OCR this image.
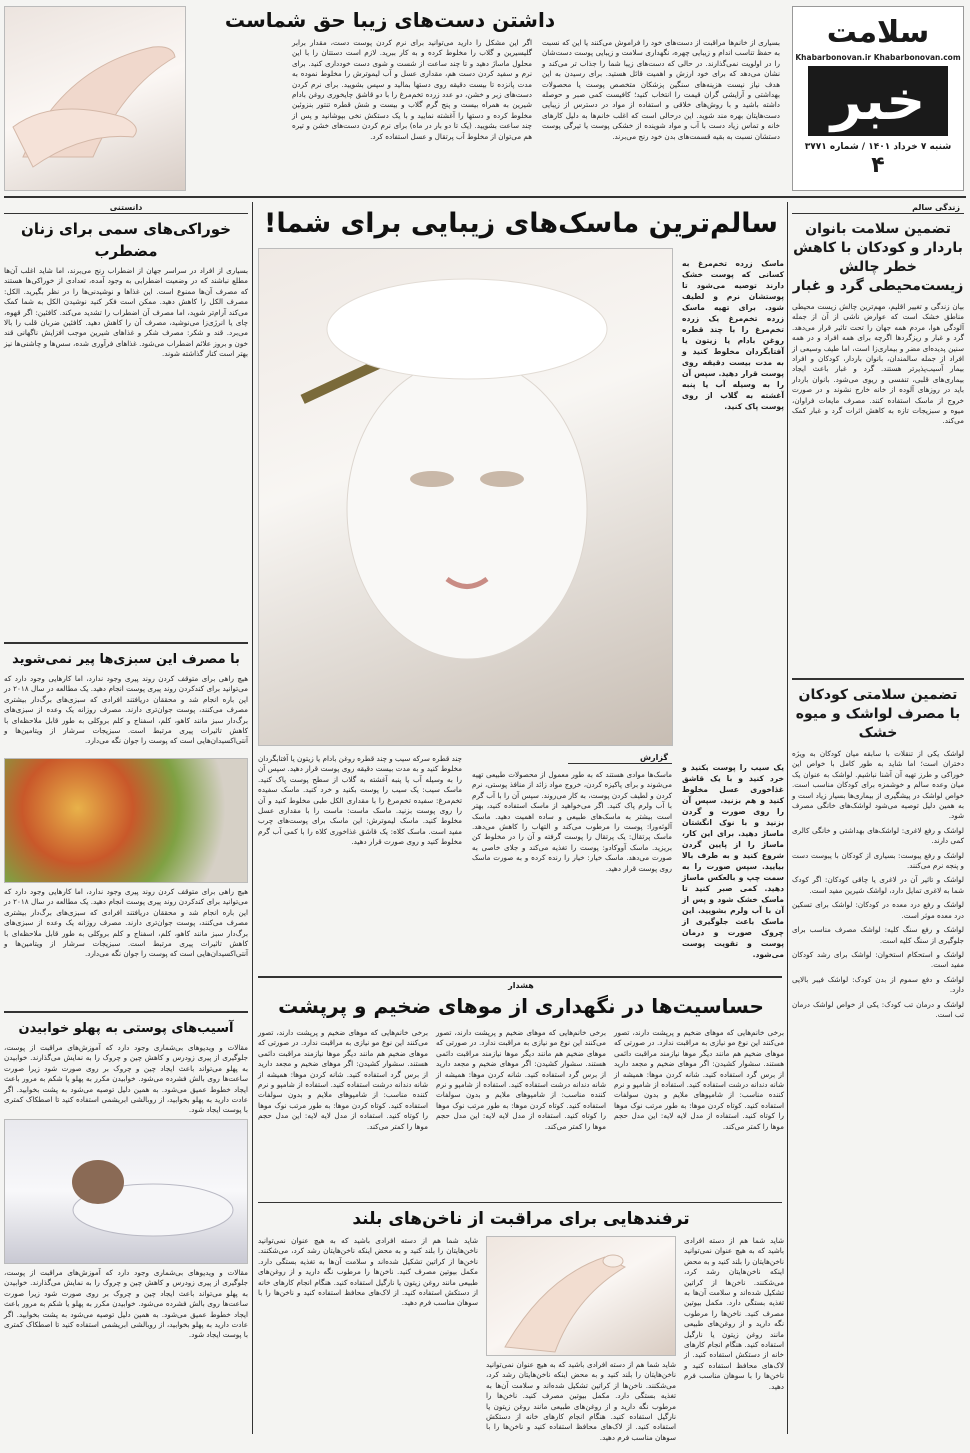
سلامت
Khabarbonovan.ir Khabarbonovan.com
خبر
شنبه ۷ خرداد ۱۴۰۱ / شماره ۳۷۷۱
۴
داشتن دست‌های زیبا حق شماست
بسیاری از خانم‌ها مراقبت از دست‌های خود را فراموش می‌کنند یا این که نسبت به حفظ تناسب اندام و زیبایی چهره، نگهداری سلامت و زیبایی پوست دست‌شان را در اولویت نمی‌گذارند. در حالی که دست‌های زیبا شما را جذاب تر می‌کند و نشان می‌دهد که برای خود ارزش و اهمیت قائل هستید. برای رسیدن به این هدف نیاز نیست هزینه‌های سنگین پزشکان متخصص پوست یا محصولات بهداشتی و آرایشی گران قیمت را انتخاب کنید؛ کافیست کمی صبر و حوصله داشته باشید و با روش‌های خلاقی و استفاده از مواد در دسترس از زیبایی دست‌هایتان بهره مند شوید. این درحالی است که اغلب خانم‌ها به دلیل کارهای خانه و تماس زیاد دست با آب و مواد شوینده از خشکی پوست یا تیرگی پوست دستشان نسبت به بقیه قسمت‌های بدن خود رنج می‌برند.
اگر این مشکل را دارید می‌توانید برای نرم کردن پوست دست، مقدار برابر گلیسیرین و گلاب را مخلوط کرده و به کار ببرید. لازم است دستتان را با این محلول ماساژ دهید و تا چند ساعت از شست و شوی دست خودداری کنید. برای نرم و سفید کردن دست هم، مقداری عسل و آب لیموترش را مخلوط نموده به مدت پانزده تا بیست دقیقه روی دستها بمالید و سپس بشویید. برای نرم کردن دست‌های زبر و خشن، دو عدد زرده تخم‌مرغ را با دو قاشق چایخوری روغن بادام شیرین به همراه بیست و پنج گرم گلاب و بیست و شش قطره تنتور بنزوئین مخلوط کرده و دستها را آغشته نمایید و با یک دستکش نخی بپوشانید و پس از چند ساعت بشویید. (یک تا دو بار در ماه) برای نرم کردن دست‌های خشن و تیره هم می‌توان از مخلوط آب پرتقال و عسل استفاده کرد.
زندگی سالم
تضمین سلامت بانوان باردار و کودکان با کاهش خطر چالش زیست‌محیطی گرد و غبار
بیان زندگی و تغییر اقلیم، مهم‌ترین چالش زیست محیطی مناطق خشک است که عوارض ناشی از آن از جمله آلودگی هوا، مردم همه جهان را تحت تاثیر قرار می‌دهد. گرد و غبار و ریزگردها اگرچه برای همه افراد و در همه سنین پدیده‌ای مضر و بیماری‌زا است، اما طیف وسیعی از افراد از جمله سالمندان، بانوان باردار، کودکان و افراد بیمار آسیب‌پذیرتر هستند. گرد و غبار باعث ایجاد بیماری‌های قلبی، تنفسی و ریوی می‌شود. بانوان باردار باید در روزهای آلوده از خانه خارج نشوند و در صورت خروج از ماسک استفاده کنند. مصرف مایعات فراوان، میوه و سبزیجات تازه به کاهش اثرات گرد و غبار کمک می‌کند.
تضمین سلامتی کودکان با مصرف لواشک و میوه خشک
لواشک یکی از تنقلات با سابقه میان کودکان به ویژه دختران است؛ اما شاید به طور کامل با خواص این خوراکی و طرز تهیه آن آشنا نباشیم. لواشک به عنوان یک میان وعده سالم و خوشمزه برای کودکان مناسب است. خواص لواشک در پیشگیری از بیماری‌ها بسیار زیاد است و به همین دلیل توصیه می‌شود لواشک‌های خانگی مصرف شود.
لواشک و رفع لاغری: لواشک‌های بهداشتی و خانگی کالری کمی دارند.
لواشک و رفع یبوست: بسیاری از کودکان با یبوست دست و پنجه نرم می‌کنند.
لواشک و تاثیر آن در لاغری یا چاقی کودکان: اگر کودک شما به لاغری تمایل دارد، لواشک شیرین مفید است.
لواشک و رفع درد معده در کودکان: لواشک برای تسکین درد معده موثر است.
لواشک و رفع سنگ کلیه: لواشک مصرف مناسب برای جلوگیری از سنگ کلیه است.
لواشک و استحکام استخوان: لواشک برای رشد کودکان مفید است.
لواشک و دفع سموم از بدن کودک: لواشک فیبر بالایی دارد.
لواشک و درمان تب کودک: یکی از خواص لواشک درمان تب است.
دانستنی
خوراکی‌های سمی برای زنان مضطرب
بسیاری از افراد در سراسر جهان از اضطراب رنج می‌برند، اما شاید اغلب آن‌ها مطلع نباشند که در وضعیت اضطرابی به وجود آمده، تعدادی از خوراکی‌ها هستند که مصرف آن‌ها ممنوع است. این غذاها و نوشیدنی‌ها را در نظر بگیرید. الکل: مصرف الکل را کاهش دهید. ممکن است فکر کنید نوشیدن الکل به شما کمک می‌کند آرام‌تر شوید، اما مصرف آن اضطراب را تشدید می‌کند. کافئین: اگر قهوه، چای یا انرژی‌زا می‌نوشید، مصرف آن را کاهش دهید. کافئین ضربان قلب را بالا می‌برد. قند و شکر: مصرف شکر و غذاهای شیرین موجب افزایش ناگهانی قند خون و بروز علائم اضطراب می‌شود. غذاهای فرآوری شده، سس‌ها و چاشنی‌ها نیز بهتر است کنار گذاشته شوند.
با مصرف این سبزی‌ها پیر نمی‌شوید
هیچ راهی برای متوقف کردن روند پیری وجود ندارد، اما کارهایی وجود دارد که می‌توانید برای کندکردن روند پیری پوست انجام دهید. یک مطالعه در سال ۲۰۱۸ در این باره انجام شد و محققان دریافتند افرادی که سبزی‌های برگ‌دار بیشتری مصرف می‌کنند، پوست جوان‌تری دارند. مصرف روزانه یک وعده از سبزی‌های برگ‌دار سبز مانند کاهو، کلم، اسفناج و کلم بروکلی به طور قابل ملاحظه‌ای با کاهش تاثیرات پیری مرتبط است. سبزیجات سرشار از ویتامین‌ها و آنتی‌اکسیدان‌هایی است که پوست را جوان نگه می‌دارد.
هیچ راهی برای متوقف کردن روند پیری وجود ندارد، اما کارهایی وجود دارد که می‌توانید برای کندکردن روند پیری پوست انجام دهید. یک مطالعه در سال ۲۰۱۸ در این باره انجام شد و محققان دریافتند افرادی که سبزی‌های برگ‌دار بیشتری مصرف می‌کنند، پوست جوان‌تری دارند. مصرف روزانه یک وعده از سبزی‌های برگ‌دار سبز مانند کاهو، کلم، اسفناج و کلم بروکلی به طور قابل ملاحظه‌ای با کاهش تاثیرات پیری مرتبط است. سبزیجات سرشار از ویتامین‌ها و آنتی‌اکسیدان‌هایی است که پوست را جوان نگه می‌دارد.
آسیب‌های پوستی به پهلو خوابیدن
مقالات و ویدیوهای بی‌شماری وجود دارد که آموزش‌های مراقبت از پوست، جلوگیری از پیری زودرس و کاهش چین و چروک را به نمایش می‌گذارند. خوابیدن به پهلو می‌تواند باعث ایجاد چین و چروک بر روی صورت شود زیرا صورت ساعت‌ها روی بالش فشرده می‌شود. خوابیدن مکرر به پهلو یا شکم به مرور باعث ایجاد خطوط عمیق می‌شود. به همین دلیل توصیه می‌شود به پشت بخوابید. اگر عادت دارید به پهلو بخوابید، از روبالشی ابریشمی استفاده کنید تا اصطکاک کمتری با پوست ایجاد شود.
مقالات و ویدیوهای بی‌شماری وجود دارد که آموزش‌های مراقبت از پوست، جلوگیری از پیری زودرس و کاهش چین و چروک را به نمایش می‌گذارند. خوابیدن به پهلو می‌تواند باعث ایجاد چین و چروک بر روی صورت شود زیرا صورت ساعت‌ها روی بالش فشرده می‌شود. خوابیدن مکرر به پهلو یا شکم به مرور باعث ایجاد خطوط عمیق می‌شود. به همین دلیل توصیه می‌شود به پشت بخوابید. اگر عادت دارید به پهلو بخوابید، از روبالشی ابریشمی استفاده کنید تا اصطکاک کمتری با پوست ایجاد شود.
سالم‌ترین ماسک‌های زیبایی برای شما!
ماسک زرده تخم‌مرغ به کسانی که پوست خشک دارند توصیه می‌شود تا پوستشان نرم و لطیف شود. برای تهیه ماسک زرده تخم‌مرغ یک زرده تخم‌مرغ را با چند قطره روغن بادام یا زیتون یا آفتابگردان مخلوط کنید و به مدت بیست دقیقه روی پوست قرار دهید. سپس آن را به وسیله آب یا پنبه آغشته به گلاب از روی پوست پاک کنید.
گزارش
یک سیب را پوست بکنید و خرد کنید و با یک قاشق غذاخوری عسل مخلوط کنید و هم بزنید. سپس آن را روی صورت و گردن بزنید و با نوک انگشتان ماساژ دهید. برای این کار، ماساژ را از پایین گردن شروع کنید و به طرف بالا بیایید. سپس صورت را به سمت چپ و بالعکس ماساژ دهید. کمی صبر کنید تا ماسک خشک شود و پس از آن با آب ولرم بشویید. این ماسک باعث جلوگیری از چروک صورت و درمان پوست و تقویت پوست می‌شود.
ماسک‌ها موادی هستند که به طور معمول از محصولات طبیعی تهیه می‌شوند و برای پاکیزه کردن، خروج مواد زائد از منافذ پوستی، نرم کردن و لطیف کردن پوست، به کار می‌روند. سپس آن را با آب گرم با آب ولرم پاک کنید. اگر می‌خواهید از ماسک استفاده کنید، بهتر است بیشتر به ماسک‌های طبیعی و ساده اهمیت دهید. ماسک آلوئه‌ورا: پوست را مرطوب می‌کند و التهاب را کاهش می‌دهد. ماسک پرتقال: یک پرتقال را پوست گرفته و آن را در مخلوط کن بریزید. ماسک آووکادو: پوست را تغذیه می‌کند و جلای خاصی به صورت می‌دهد. ماسک خیار: خیار را رنده کرده و به صورت ماسک روی پوست قرار دهید.
چند قطره سرکه سیب و چند قطره روغن بادام یا زیتون یا آفتابگردان مخلوط کنید و به مدت بیست دقیقه روی پوست قرار دهید. سپس آن را به وسیله آب یا پنبه آغشته به گلاب از سطح پوست پاک کنید. ماسک سیب: یک سیب را پوست بکنید و خرد کنید. ماسک سفیده تخم‌مرغ: سفیده تخم‌مرغ را با مقداری الکل طبی مخلوط کنید و آن را روی پوست بزنید. ماسک ماست: ماست را با مقداری عسل مخلوط کنید. ماسک لیموترش: این ماسک برای پوست‌های چرب مفید است. ماسک کلاه: یک قاشق غذاخوری کلاه را با کمی آب گرم مخلوط کنید و روی صورت قرار دهید.
هشدار
حساسیت‌ها در نگهداری از موهای ضخیم و پرپشت
برخی خانم‌هایی که موهای ضخیم و پرپشت دارند، تصور می‌کنند این نوع مو نیازی به مراقبت ندارد. در صورتی که موهای ضخیم هم مانند دیگر موها نیازمند مراقبت دائمی هستند. سشوار کشیدن: اگر موهای ضخیم و مجعد دارید از برس گرد استفاده کنید. شانه کردن موها: همیشه از شانه دندانه درشت استفاده کنید. استفاده از شامپو و نرم کننده مناسب: از شامپوهای ملایم و بدون سولفات استفاده کنید. کوتاه کردن موها: به طور مرتب نوک موها را کوتاه کنید. استفاده از مدل لایه لایه: این مدل حجم موها را کمتر می‌کند.
برخی خانم‌هایی که موهای ضخیم و پرپشت دارند، تصور می‌کنند این نوع مو نیازی به مراقبت ندارد. در صورتی که موهای ضخیم هم مانند دیگر موها نیازمند مراقبت دائمی هستند. سشوار کشیدن: اگر موهای ضخیم و مجعد دارید از برس گرد استفاده کنید. شانه کردن موها: همیشه از شانه دندانه درشت استفاده کنید. استفاده از شامپو و نرم کننده مناسب: از شامپوهای ملایم و بدون سولفات استفاده کنید. کوتاه کردن موها: به طور مرتب نوک موها را کوتاه کنید. استفاده از مدل لایه لایه: این مدل حجم موها را کمتر می‌کند.
برخی خانم‌هایی که موهای ضخیم و پرپشت دارند، تصور می‌کنند این نوع مو نیازی به مراقبت ندارد. در صورتی که موهای ضخیم هم مانند دیگر موها نیازمند مراقبت دائمی هستند. سشوار کشیدن: اگر موهای ضخیم و مجعد دارید از برس گرد استفاده کنید. شانه کردن موها: همیشه از شانه دندانه درشت استفاده کنید. استفاده از شامپو و نرم کننده مناسب: از شامپوهای ملایم و بدون سولفات استفاده کنید. کوتاه کردن موها: به طور مرتب نوک موها را کوتاه کنید. استفاده از مدل لایه لایه: این مدل حجم موها را کمتر می‌کند.
ترفندهایی برای مراقبت از ناخن‌های بلند
شاید شما هم از دسته افرادی باشید که به هیچ عنوان نمی‌توانید ناخن‌هایتان را بلند کنید و به محض اینکه ناخن‌هایتان رشد کرد، می‌شکنند. ناخن‌ها از کراتین تشکیل شده‌اند و سلامت آن‌ها به تغذیه بستگی دارد. مکمل بیوتین مصرف کنید. ناخن‌ها را مرطوب نگه دارید و از روغن‌های طبیعی مانند روغن زیتون یا نارگیل استفاده کنید. هنگام انجام کارهای خانه از دستکش استفاده کنید. از لاک‌های محافظ استفاده کنید و ناخن‌ها را با سوهان مناسب فرم دهید.
شاید شما هم از دسته افرادی باشید که به هیچ عنوان نمی‌توانید ناخن‌هایتان را بلند کنید و به محض اینکه ناخن‌هایتان رشد کرد، می‌شکنند. ناخن‌ها از کراتین تشکیل شده‌اند و سلامت آن‌ها به تغذیه بستگی دارد. مکمل بیوتین مصرف کنید. ناخن‌ها را مرطوب نگه دارید و از روغن‌های طبیعی مانند روغن زیتون یا نارگیل استفاده کنید. هنگام انجام کارهای خانه از دستکش استفاده کنید. از لاک‌های محافظ استفاده کنید و ناخن‌ها را با سوهان مناسب فرم دهید.
شاید شما هم از دسته افرادی باشید که به هیچ عنوان نمی‌توانید ناخن‌هایتان را بلند کنید و به محض اینکه ناخن‌هایتان رشد کرد، می‌شکنند. ناخن‌ها از کراتین تشکیل شده‌اند و سلامت آن‌ها به تغذیه بستگی دارد. مکمل بیوتین مصرف کنید. ناخن‌ها را مرطوب نگه دارید و از روغن‌های طبیعی مانند روغن زیتون یا نارگیل استفاده کنید. هنگام انجام کارهای خانه از دستکش استفاده کنید. از لاک‌های محافظ استفاده کنید و ناخن‌ها را با سوهان مناسب فرم دهید.
